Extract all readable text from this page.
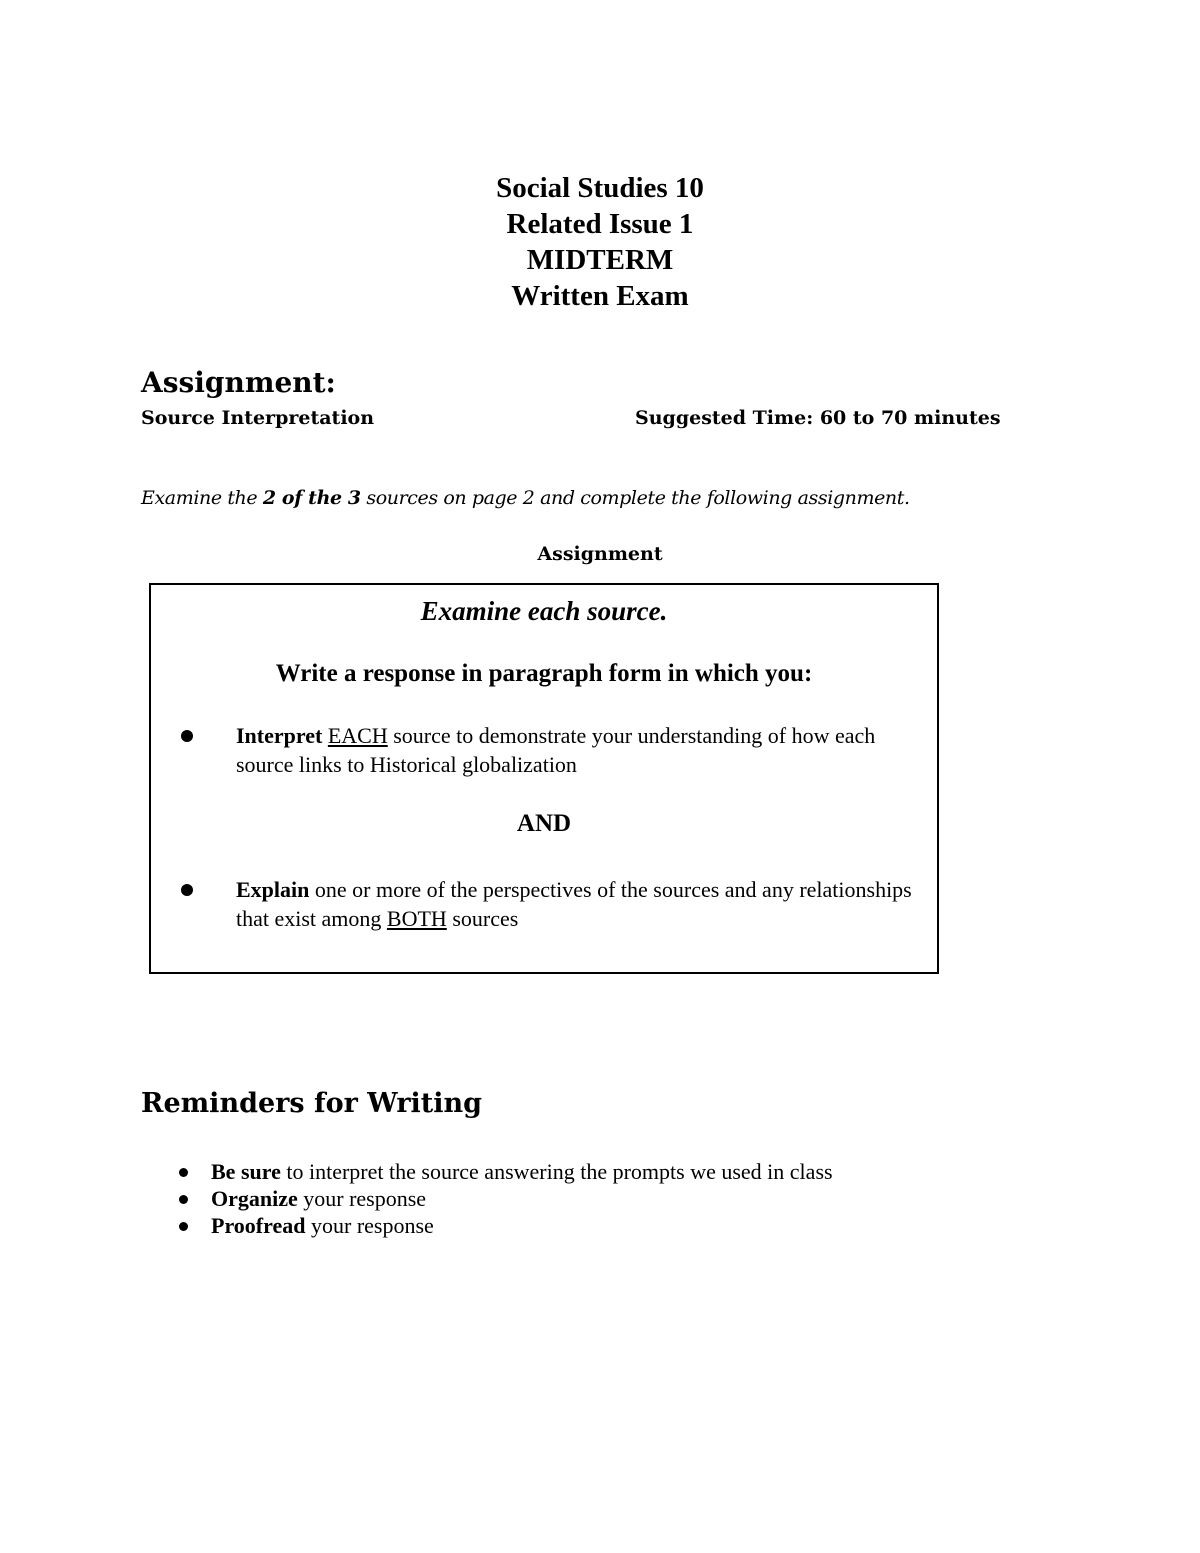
Social Studies 10
Related Issue 1
MIDTERM
Written Exam
Assignment:
Source Interpretation	Suggested Time: 60 to 70 minutes
Examine the 2 of the 3 sources on page 2 and complete the following assignment.
Assignment
Examine each source.
Write a response in paragraph form in which you:
Interpret EACH source to demonstrate your understanding of how each source links to Historical globalization
AND
Explain one or more of the perspectives of the sources and any relationships that exist among BOTH sources
Reminders for Writing
Be sure to interpret the source answering the prompts we used in class
Organize your response
Proofread your response
